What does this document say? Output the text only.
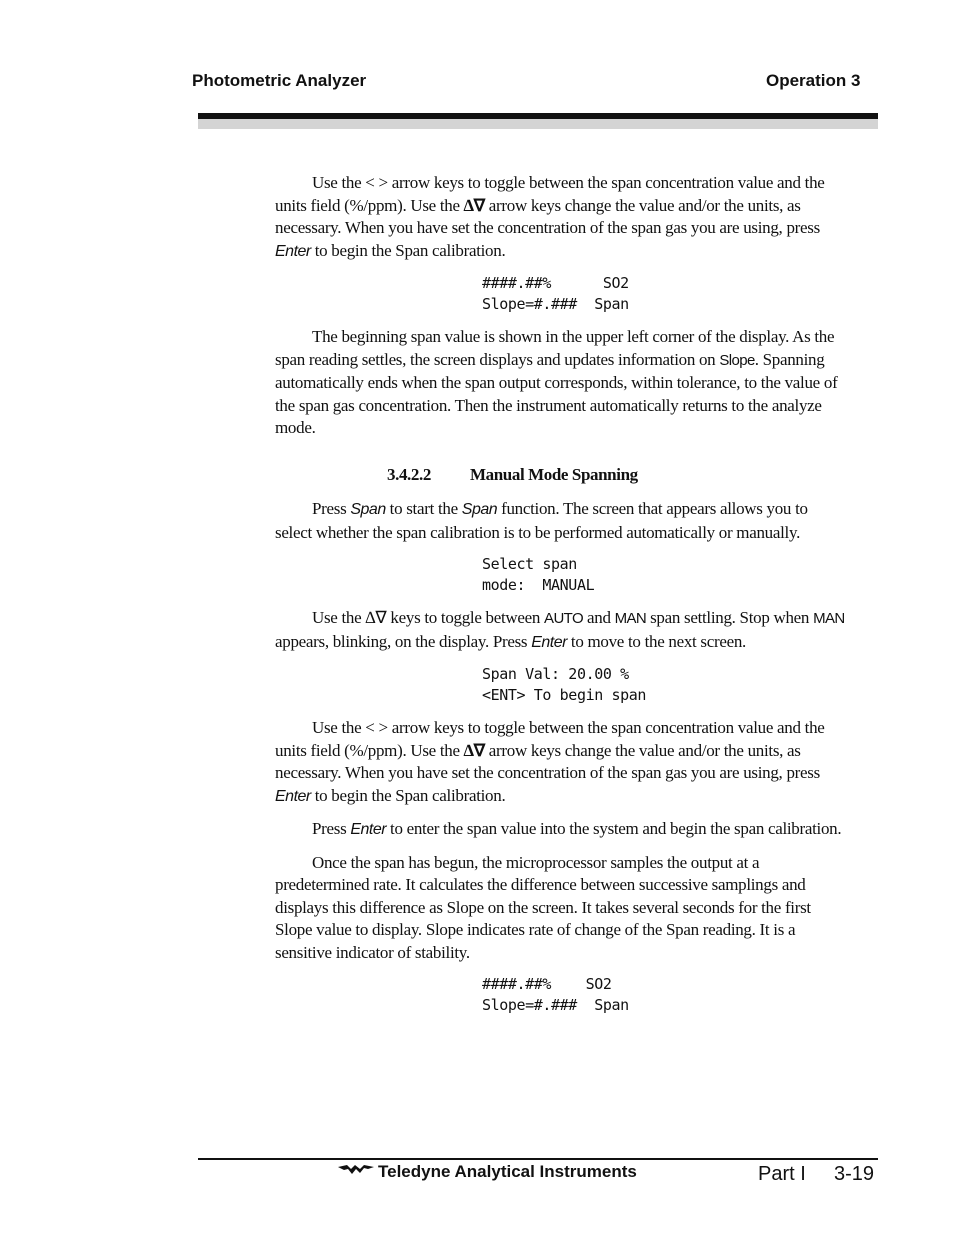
Photometric Analyzer	Operation 3

Use the < > arrow keys to toggle between the span concentration value and the units field (%/ppm). Use the ∆∇ arrow keys change the value and/or the units, as necessary. When you have set the concentration of the span gas you are using, press Enter to begin the Span calibration.

####.##%      SO2
Slope=#.###  Span

The beginning span value is shown in the upper left corner of the display. As the span reading settles, the screen displays and updates information on Slope. Spanning automatically ends when the span output corresponds, within tolerance, to the value of the span gas concentration. Then the instrument automatically returns to the analyze mode.

3.4.2.2 Manual Mode Spanning

Press Span to start the Span function. The screen that appears allows you to select whether the span calibration is to be performed automatically or manually.

Select span
mode:  MANUAL

Use the ∆∇ keys to toggle between AUTO and MAN span settling. Stop when MAN appears, blinking, on the display. Press Enter to move to the next screen.

Span Val: 20.00 %
<ENT> To begin span

Use the < > arrow keys to toggle between the span concentration value and the units field (%/ppm). Use the ∆∇ arrow keys change the value and/or the units, as necessary. When you have set the concentration of the span gas you are using, press Enter to begin the Span calibration.

Press Enter to enter the span value into the system and begin the span calibration.

Once the span has begun, the microprocessor samples the output at a predetermined rate. It calculates the difference between successive samplings and displays this difference as Slope on the screen. It takes several seconds for the first Slope value to display. Slope indicates rate of change of the Span reading. It is a sensitive indicator of stability.

####.##%    SO2
Slope=#.###  Span
Teledyne Analytical Instruments	Part I 3-19
